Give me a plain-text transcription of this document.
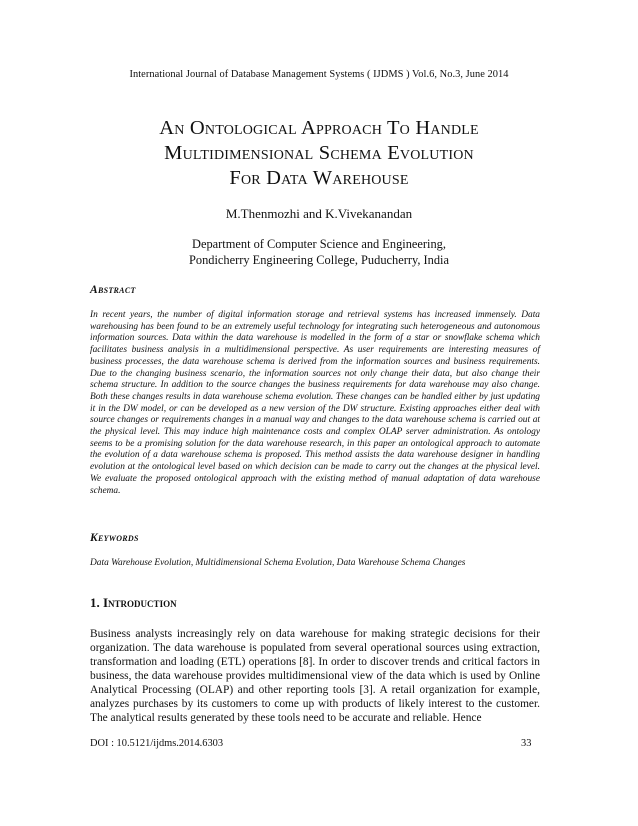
International Journal of Database Management Systems ( IJDMS ) Vol.6, No.3, June 2014
An Ontological Approach To Handle
Multidimensional Schema Evolution
For Data Warehouse
M.Thenmozhi and K.Vivekanandan
Department of Computer Science and Engineering,
Pondicherry Engineering College, Puducherry, India
Abstract
In recent years, the number of digital information storage and retrieval systems has increased immensely. Data warehousing has been found to be an extremely useful technology for integrating such heterogeneous and autonomous information sources. Data within the data warehouse is modelled in the form of a star or snowflake schema which facilitates business analysis in a multidimensional perspective. As user requirements are interesting measures of business processes, the data warehouse schema is derived from the information sources and business requirements. Due to the changing business scenario, the information sources not only change their data, but also change their schema structure. In addition to the source changes the business requirements for data warehouse may also change. Both these changes results in data warehouse schema evolution. These changes can be handled either by just updating it in the DW model, or can be developed as a new version of the DW structure. Existing approaches either deal with source changes or requirements changes in a manual way and changes to the data warehouse schema is carried out at the physical level. This may induce high maintenance costs and complex OLAP server administration. As ontology seems to be a promising solution for the data warehouse research, in this paper an ontological approach to automate the evolution of a data warehouse schema is proposed. This method assists the data warehouse designer in handling evolution at the ontological level based on which decision can be made to carry out the changes at the physical level. We evaluate the proposed ontological approach with the existing method of manual adaptation of data warehouse schema.
Keywords
Data Warehouse Evolution, Multidimensional Schema Evolution, Data Warehouse Schema Changes
1. Introduction
Business analysts increasingly rely on data warehouse for making strategic decisions for their organization. The data warehouse is populated from several operational sources using extraction, transformation and loading (ETL) operations [8]. In order to discover trends and critical factors in business, the data warehouse provides multidimensional view of the data which is used by Online Analytical Processing (OLAP) and other reporting tools [3]. A retail organization for example, analyzes purchases by its customers to come up with products of likely interest to the customer. The analytical results generated by these tools need to be accurate and reliable. Hence
DOI : 10.5121/ijdms.2014.6303	33
